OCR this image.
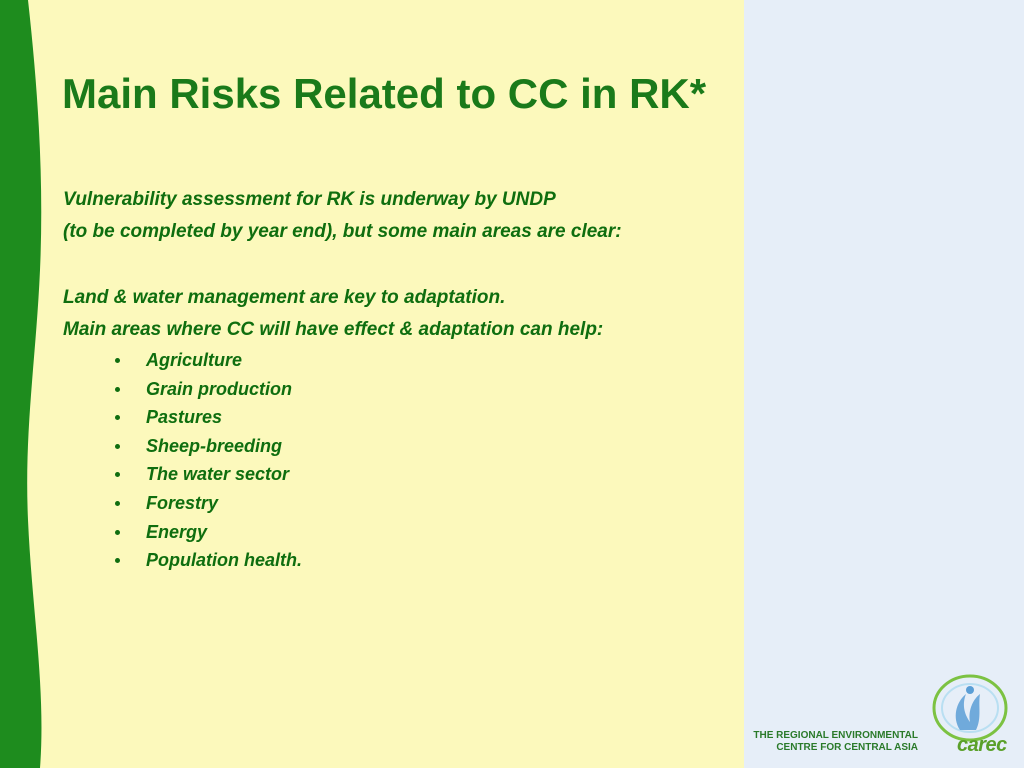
Main Risks Related to CC in RK*

Vulnerability assessment for RK is underway by UNDP

(to be completed by year end), but some main areas are clear:

Land & water management are key to adaptation.

Main areas where CC will have effect & adaptation can help:

Agriculture
Grain production
Pastures
Sheep-breeding
The water sector
Forestry
Energy
Population health.
THE REGIONAL ENVIRONMENTAL
CENTRE FOR CENTRAL ASIA carec
